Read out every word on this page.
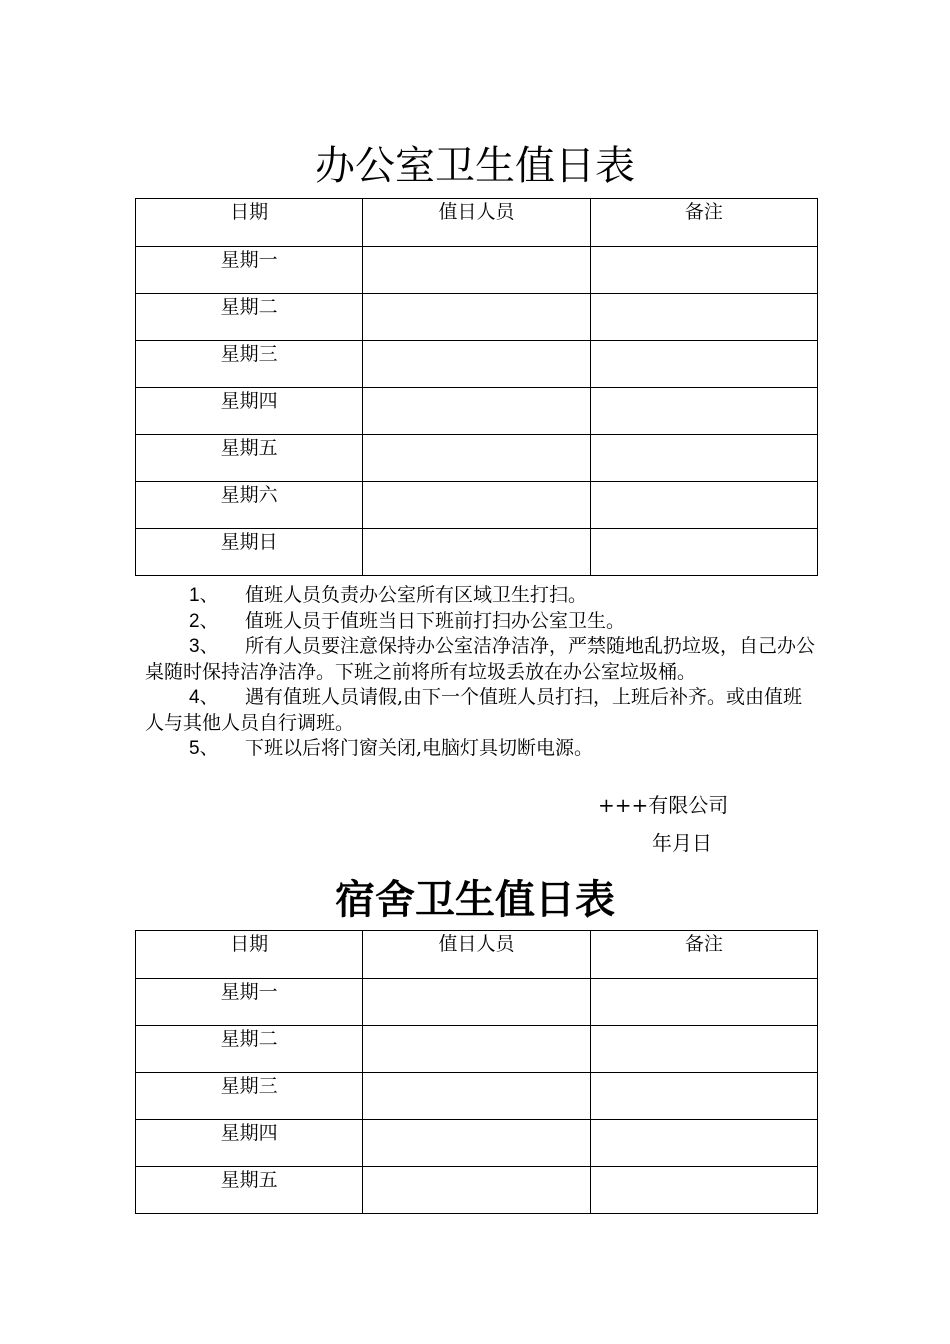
办公室卫生值日表
日期	值日人员	备注
星期一		
星期二		
星期三		
星期四		
星期五		
星期六		
星期日		

1、 值班人员负责办公室所有区域卫生打扫。

2、 值班人员于值班当日下班前打扫办公室卫生。

3、 所有人员要注意保持办公室洁净洁净，严禁随地乱扔垃圾，自己办公桌随时保持洁净洁净。下班之前将所有垃圾丢放在办公室垃圾桶。

4、 遇有值班人员请假,由下一个值班人员打扫，上班后补齐。或由值班人与其他人员自行调班。

5、 下班以后将门窗关闭,电脑灯具切断电源。

+++有限公司
年月日
宿舍卫生值日表
日期	值日人员	备注
星期一		
星期二		
星期三		
星期四		
星期五		
